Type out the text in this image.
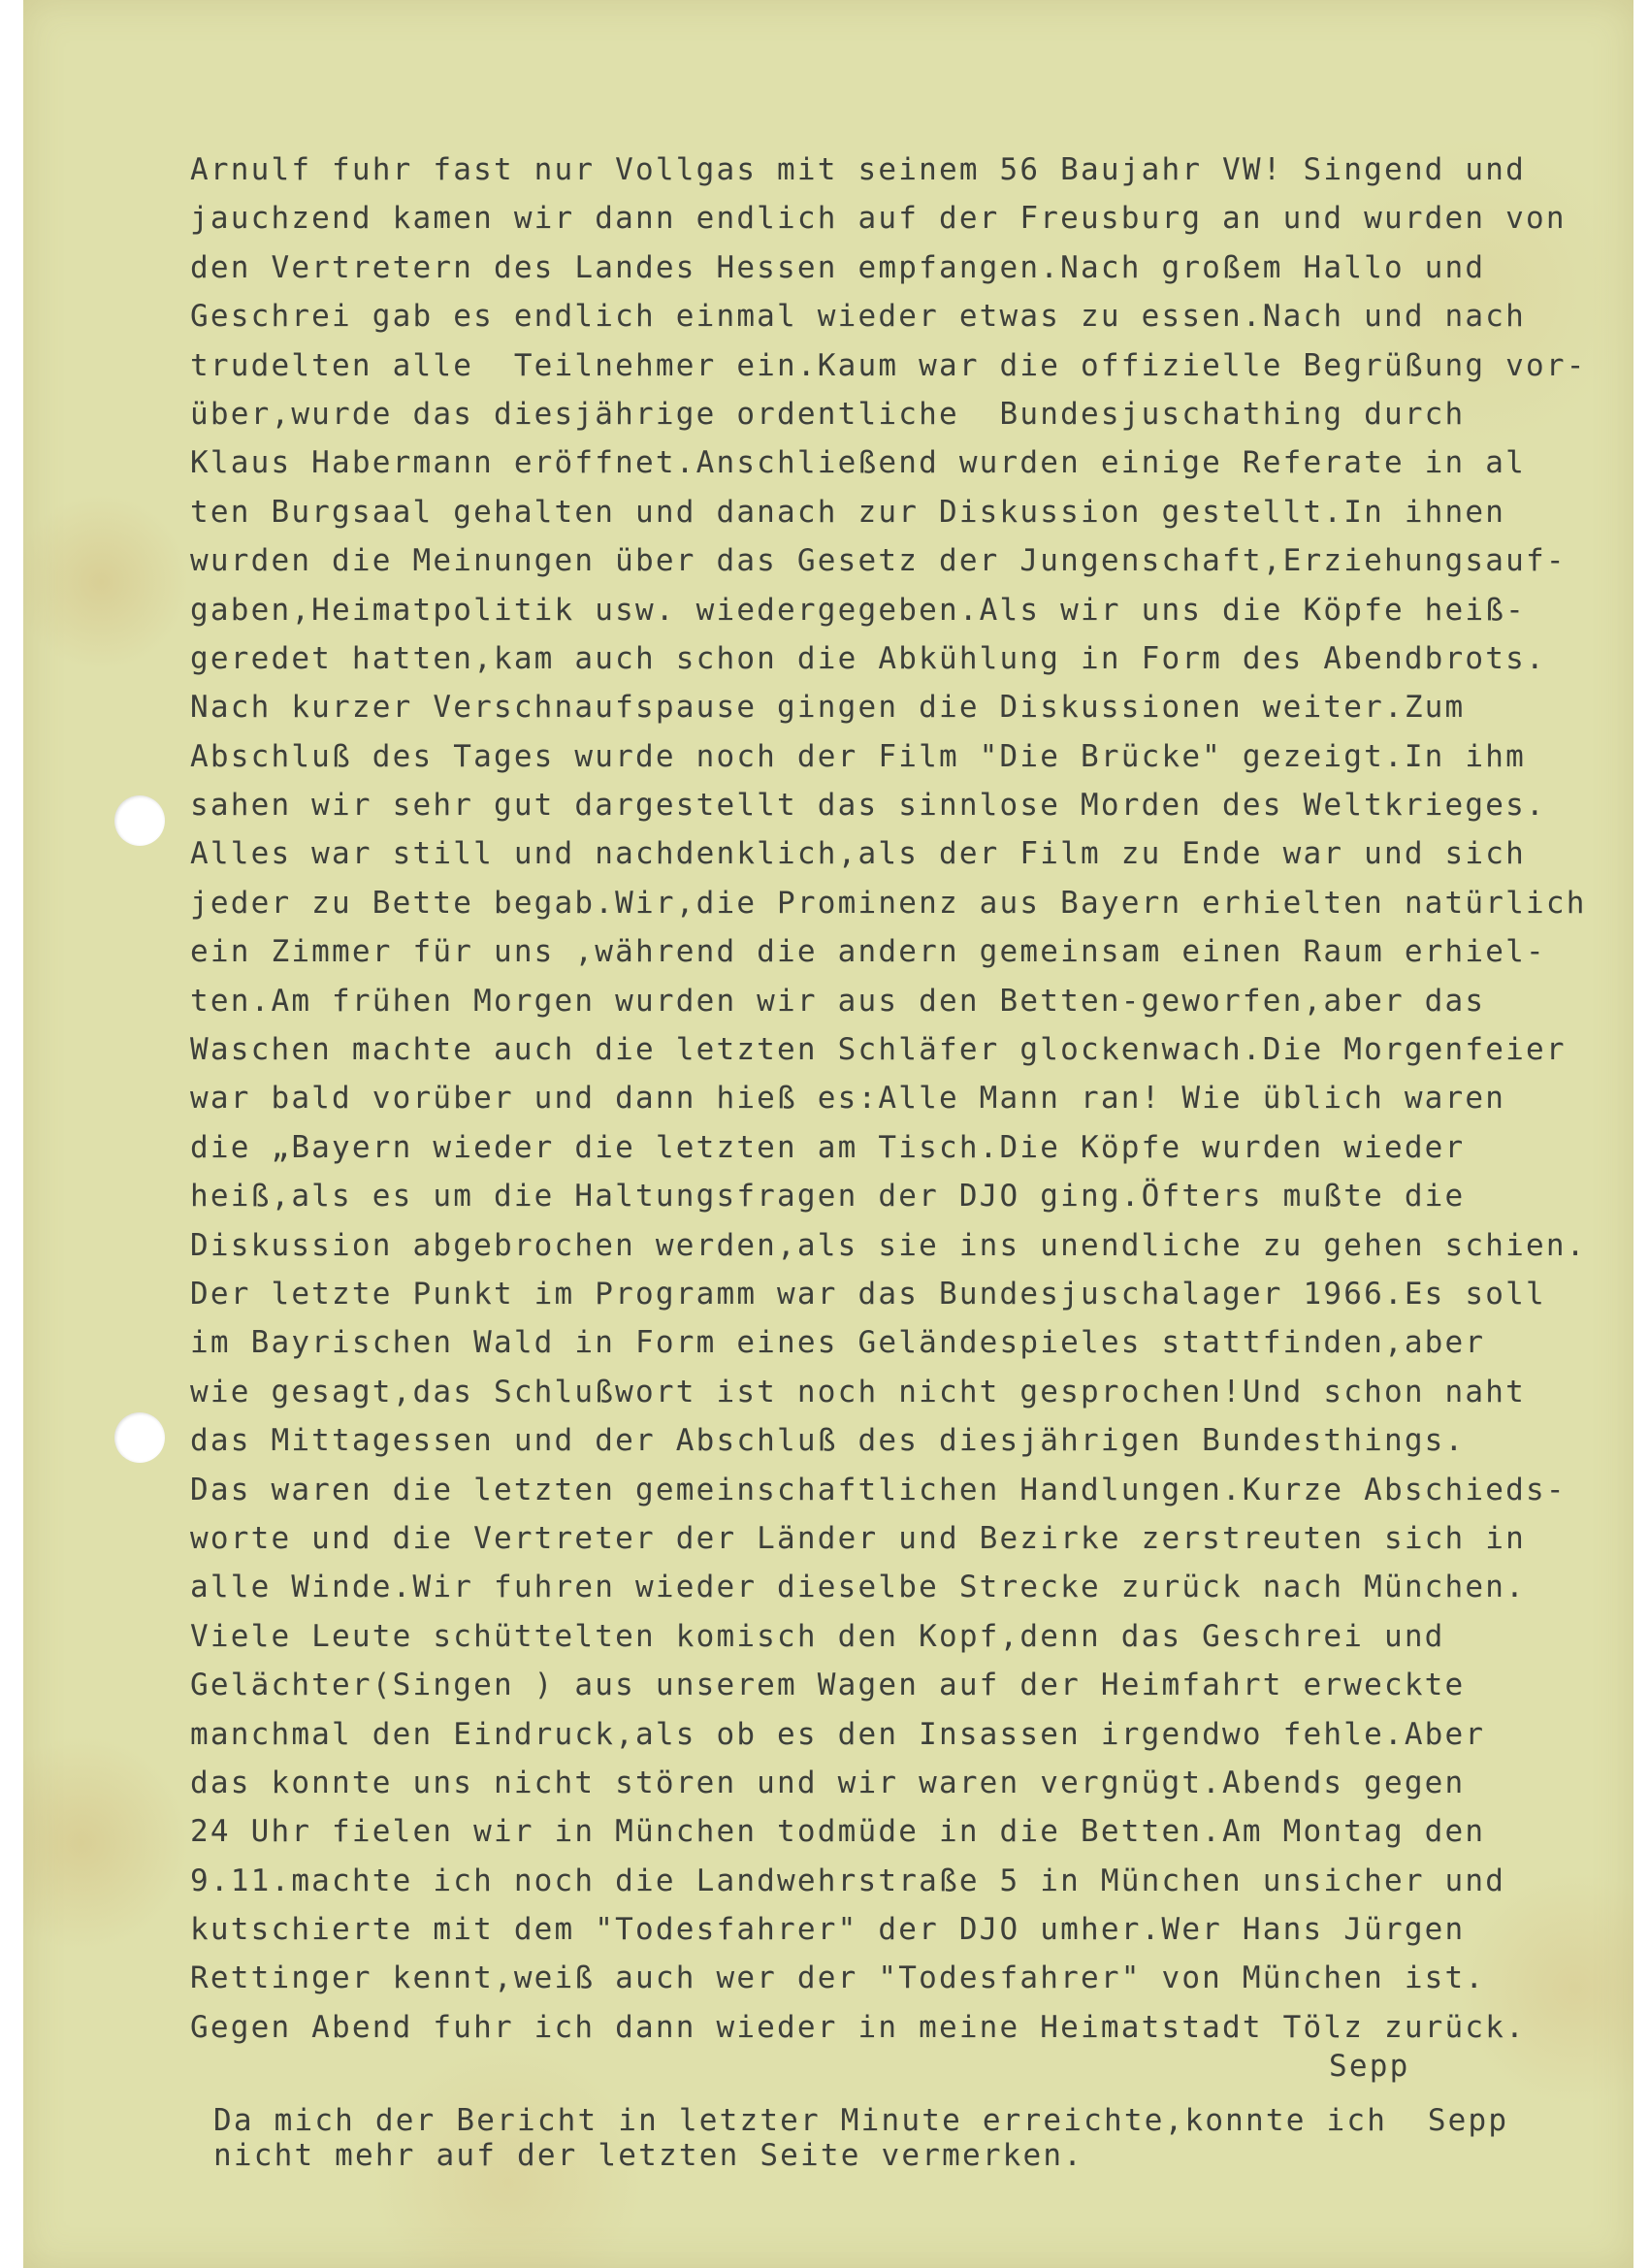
Arnulf fuhr fast nur Vollgas mit seinem 56 Baujahr VW! Singend und
jauchzend kamen wir dann endlich auf der Freusburg an und wurden von
den Vertretern des Landes Hessen empfangen.Nach großem Hallo und
Geschrei gab es endlich einmal wieder etwas zu essen.Nach und nach
trudelten alle  Teilnehmer ein.Kaum war die offizielle Begrüßung vor-
über,wurde das diesjährige ordentliche  Bundesjuschathing durch
Klaus Habermann eröffnet.Anschließend wurden einige Referate in al
ten Burgsaal gehalten und danach zur Diskussion gestellt.In ihnen
wurden die Meinungen über das Gesetz der Jungenschaft,Erziehungsauf-
gaben,Heimatpolitik usw. wiedergegeben.Als wir uns die Köpfe heiß-
geredet hatten,kam auch schon die Abkühlung in Form des Abendbrots.
Nach kurzer Verschnaufspause gingen die Diskussionen weiter.Zum
Abschluß des Tages wurde noch der Film "Die Brücke" gezeigt.In ihm
sahen wir sehr gut dargestellt das sinnlose Morden des Weltkrieges.
Alles war still und nachdenklich,als der Film zu Ende war und sich
jeder zu Bette begab.Wir,die Prominenz aus Bayern erhielten natürlich
ein Zimmer für uns ,während die andern gemeinsam einen Raum erhiel-
ten.Am frühen Morgen wurden wir aus den Betten-geworfen,aber das
Waschen machte auch die letzten Schläfer glockenwach.Die Morgenfeier
war bald vorüber und dann hieß es:Alle Mann ran! Wie üblich waren
die „Bayern wieder die letzten am Tisch.Die Köpfe wurden wieder
heiß,als es um die Haltungsfragen der DJO ging.Öfters mußte die
Diskussion abgebrochen werden,als sie ins unendliche zu gehen schien.
Der letzte Punkt im Programm war das Bundesjuschalager 1966.Es soll
im Bayrischen Wald in Form eines Geländespieles stattfinden,aber
wie gesagt,das Schlußwort ist noch nicht gesprochen!Und schon naht
das Mittagessen und der Abschluß des diesjährigen Bundesthings.
Das waren die letzten gemeinschaftlichen Handlungen.Kurze Abschieds-
worte und die Vertreter der Länder und Bezirke zerstreuten sich in
alle Winde.Wir fuhren wieder dieselbe Strecke zurück nach München.
Viele Leute schüttelten komisch den Kopf,denn das Geschrei und
Gelächter(Singen ) aus unserem Wagen auf der Heimfahrt erweckte
manchmal den Eindruck,als ob es den Insassen irgendwo fehle.Aber
das konnte uns nicht stören und wir waren vergnügt.Abends gegen
24 Uhr fielen wir in München todmüde in die Betten.Am Montag den
9.11.machte ich noch die Landwehrstraße 5 in München unsicher und
kutschierte mit dem "Todesfahrer" der DJO umher.Wer Hans Jürgen
Rettinger kennt,weiß auch wer der "Todesfahrer" von München ist.
Gegen Abend fuhr ich dann wieder in meine Heimatstadt Tölz zurück.
Sepp
Da mich der Bericht in letzter Minute erreichte,konnte ich  Sepp
nicht mehr auf der letzten Seite vermerken.
